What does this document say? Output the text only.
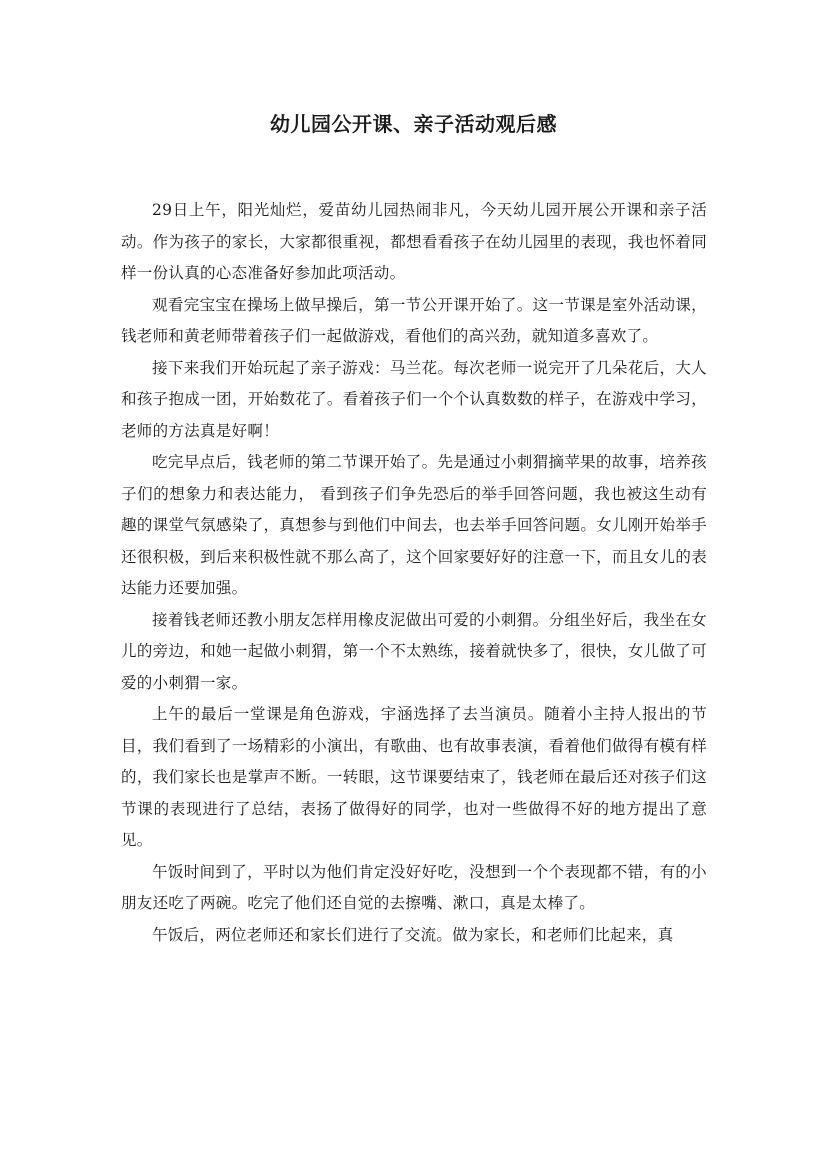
幼儿园公开课、亲子活动观后感

29日上午，阳光灿烂，爱苗幼儿园热闹非凡，今天幼儿园开展公开课和亲子活动。作为孩子的家长，大家都很重视，都想看看孩子在幼儿园里的表现，我也怀着同样一份认真的心态准备好参加此项活动。

观看完宝宝在操场上做早操后，第一节公开课开始了。这一节课是室外活动课，钱老师和黄老师带着孩子们一起做游戏，看他们的高兴劲，就知道多喜欢了。

接下来我们开始玩起了亲子游戏：马兰花。每次老师一说完开了几朵花后，大人和孩子抱成一团，开始数花了。看着孩子们一个个认真数数的样子，在游戏中学习，老师的方法真是好啊！

吃完早点后，钱老师的第二节课开始了。先是通过小刺猬摘苹果的故事，培养孩子们的想象力和表达能力， 看到孩子们争先恐后的举手回答问题，我也被这生动有趣的课堂气氛感染了，真想参与到他们中间去，也去举手回答问题。女儿刚开始举手还很积极，到后来积极性就不那么高了，这个回家要好好的注意一下，而且女儿的表达能力还要加强。

接着钱老师还教小朋友怎样用橡皮泥做出可爱的小刺猬。分组坐好后，我坐在女儿的旁边，和她一起做小刺猬，第一个不太熟练，接着就快多了，很快，女儿做了可爱的小刺猬一家。

上午的最后一堂课是角色游戏，宇涵选择了去当演员。随着小主持人报出的节目，我们看到了一场精彩的小演出，有歌曲、也有故事表演，看着他们做得有模有样的，我们家长也是掌声不断。一转眼，这节课要结束了，钱老师在最后还对孩子们这节课的表现进行了总结，表扬了做得好的同学，也对一些做得不好的地方提出了意见。

午饭时间到了，平时以为他们肯定没好好吃，没想到一个个表现都不错，有的小朋友还吃了两碗。吃完了他们还自觉的去擦嘴、漱口，真是太棒了。

午饭后，两位老师还和家长们进行了交流。做为家长，和老师们比起来，真
